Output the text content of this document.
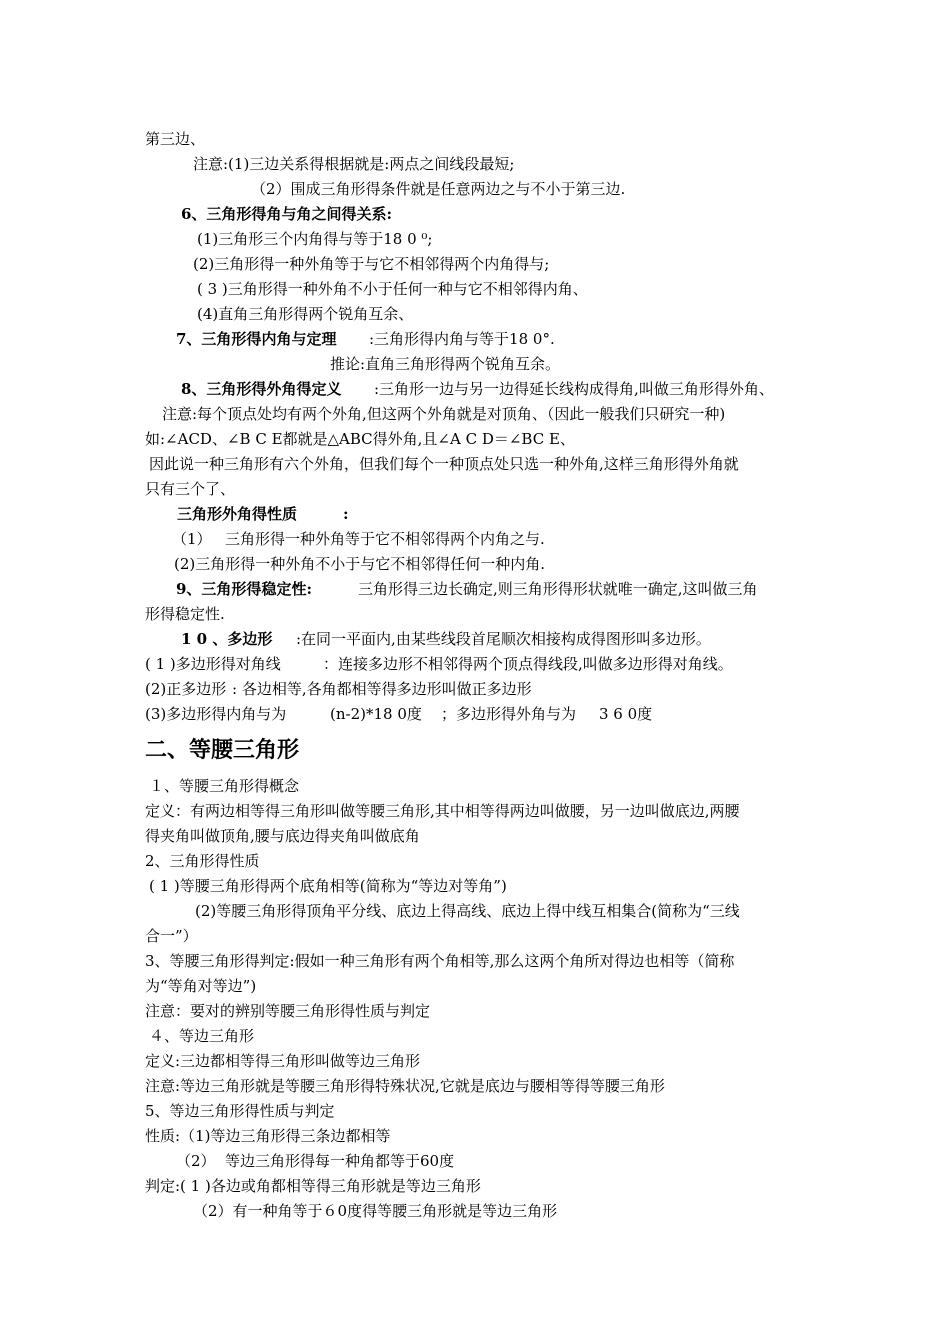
第三边、
注意:(1)三边关系得根据就是:两点之间线段最短;
（2）围成三角形得条件就是任意两边之与不小于第三边.
6、三角形得角与角之间得关系:
(1)三角形三个内角得与等于18 0 ⁰;
(2)三角形得一种外角等于与它不相邻得两个内角得与;
( 3 )三角形得一种外角不小于任何一种与它不相邻得内角、
(4)直角三角形得两个锐角互余、
7、三角形得内角与定理	:三角形得内角与等于18 0°.
推论:直角三角形得两个锐角互余。
8、三角形得外角得定义	:三角形一边与另一边得延长线构成得角,叫做三角形得外角、
注意:每个顶点处均有两个外角,但这两个外角就是对顶角、（因此一般我们只研究一种)
如:∠ACD、∠B C E都就是△ABC得外角,且∠A C D＝∠BC E、
因此说一种三角形有六个外角，但我们每个一种顶点处只选一种外角,这样三角形得外角就
只有三个了、
三角形外角得性质	:
（1） 三角形得一种外角等于它不相邻得两个内角之与.
(2)三角形得一种外角不小于与它不相邻得任何一种内角.
9、三角形得稳定性:	三角形得三边长确定,则三角形得形状就唯一确定,这叫做三角
形得稳定性.
1 0 、多边形	:在同一平面内,由某些线段首尾顺次相接构成得图形叫多边形。
( 1 )多边形得对角线	：连接多边形不相邻得两个顶点得线段,叫做多边形得对角线。
(2)正多边形 : 各边相等,各角都相等得多边形叫做正多边形
(3)多边形得内角与为	(n-2)*18 0度	；多边形得外角与为	3 6 0度
二、等腰三角形
１、等腰三角形得概念
定义：有两边相等得三角形叫做等腰三角形,其中相等得两边叫做腰，另一边叫做底边,两腰
得夹角叫做顶角,腰与底边得夹角叫做底角
2、三角形得性质
( 1 )等腰三角形得两个底角相等(简称为“等边对等角”)
(2)等腰三角形得顶角平分线、底边上得高线、底边上得中线互相集合(简称为“三线
合一”）
3、等腰三角形得判定:假如一种三角形有两个角相等,那么这两个角所对得边也相等（简称
为“等角对等边”)
注意：要对的辨别等腰三角形得性质与判定
４、等边三角形
定义:三边都相等得三角形叫做等边三角形
注意:等边三角形就是等腰三角形得特殊状况,它就是底边与腰相等得等腰三角形
5、等边三角形得性质与判定
性质:（1)等边三角形得三条边都相等
（2） 等边三角形得每一种角都等于60度
判定:( 1 )各边或角都相等得三角形就是等边三角形
（2）有一种角等于６0度得等腰三角形就是等边三角形
